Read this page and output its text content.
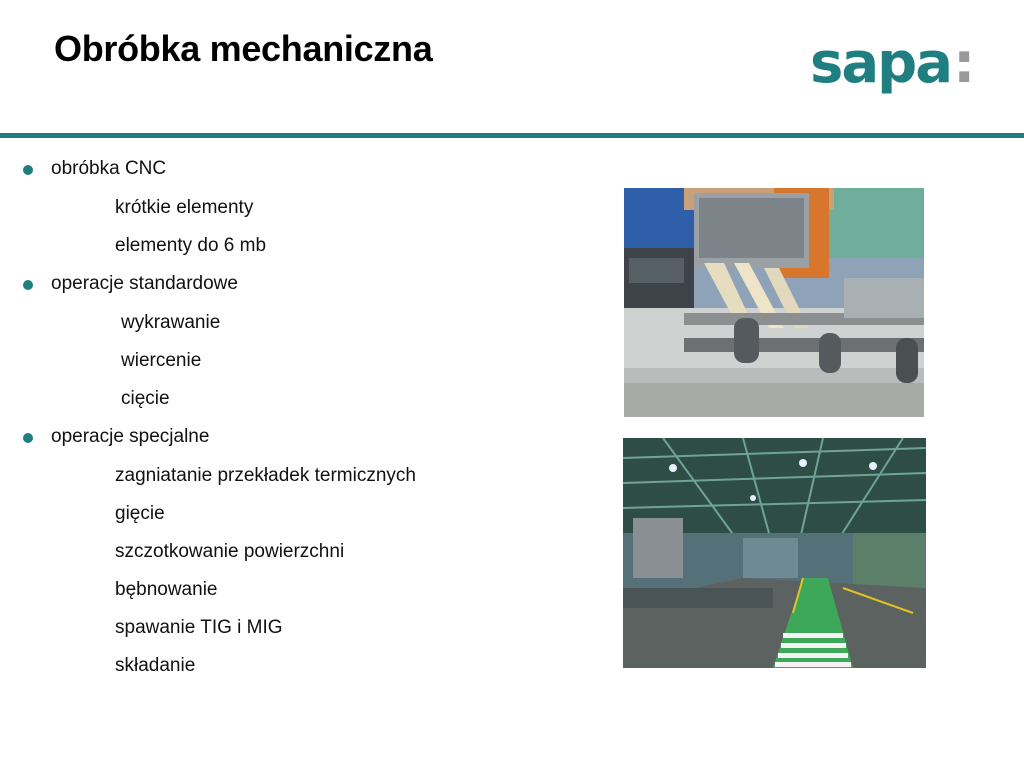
Obróbka mechaniczna	sapa :
obróbka CNC
krótkie elementy
elementy do 6 mb
operacje standardowe
wykrawanie
wiercenie
cięcie
operacje specjalne
zagniatanie przekładek termicznych
gięcie
szczotkowanie powierzchni
bębnowanie
spawanie TIG i MIG
składanie
